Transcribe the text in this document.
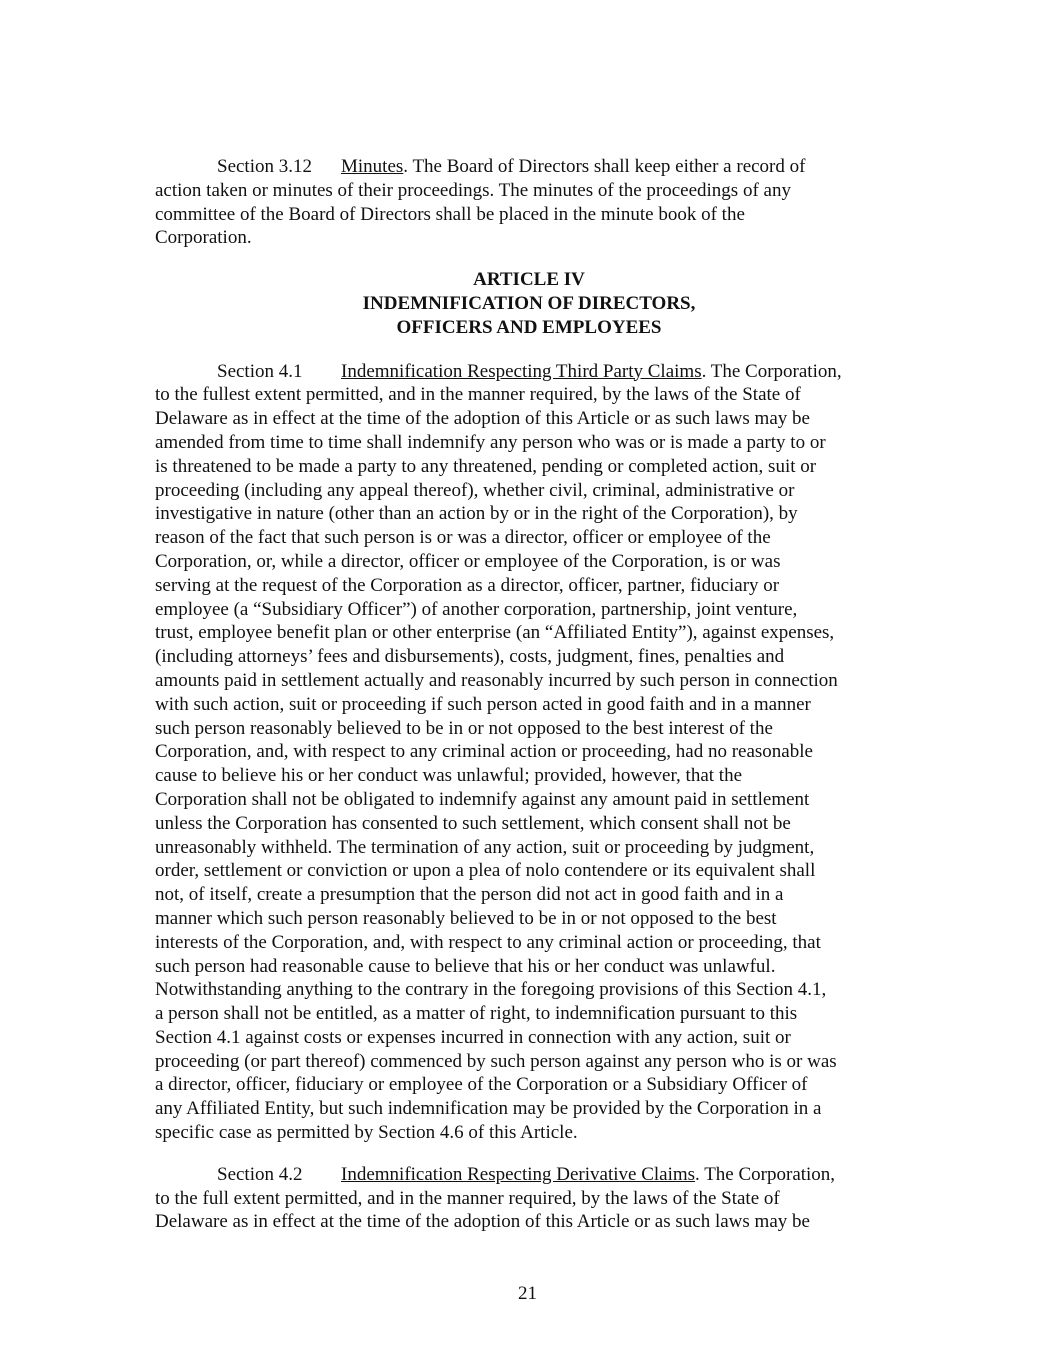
Section 3.12 Minutes. The Board of Directors shall keep either a record of
action taken or minutes of their proceedings. The minutes of the proceedings of any
committee of the Board of Directors shall be placed in the minute book of the
Corporation.
ARTICLE IV
INDEMNIFICATION OF DIRECTORS,
OFFICERS AND EMPLOYEES
Section 4.1 Indemnification Respecting Third Party Claims. The Corporation,
to the fullest extent permitted, and in the manner required, by the laws of the State of
Delaware as in effect at the time of the adoption of this Article or as such laws may be
amended from time to time shall indemnify any person who was or is made a party to or
is threatened to be made a party to any threatened, pending or completed action, suit or
proceeding (including any appeal thereof), whether civil, criminal, administrative or
investigative in nature (other than an action by or in the right of the Corporation), by
reason of the fact that such person is or was a director, officer or employee of the
Corporation, or, while a director, officer or employee of the Corporation, is or was
serving at the request of the Corporation as a director, officer, partner, fiduciary or
employee (a “Subsidiary Officer”) of another corporation, partnership, joint venture,
trust, employee benefit plan or other enterprise (an “Affiliated Entity”), against expenses,
(including attorneys’ fees and disbursements), costs, judgment, fines, penalties and
amounts paid in settlement actually and reasonably incurred by such person in connection
with such action, suit or proceeding if such person acted in good faith and in a manner
such person reasonably believed to be in or not opposed to the best interest of the
Corporation, and, with respect to any criminal action or proceeding, had no reasonable
cause to believe his or her conduct was unlawful; provided, however, that the
Corporation shall not be obligated to indemnify against any amount paid in settlement
unless the Corporation has consented to such settlement, which consent shall not be
unreasonably withheld. The termination of any action, suit or proceeding by judgment,
order, settlement or conviction or upon a plea of nolo contendere or its equivalent shall
not, of itself, create a presumption that the person did not act in good faith and in a
manner which such person reasonably believed to be in or not opposed to the best
interests of the Corporation, and, with respect to any criminal action or proceeding, that
such person had reasonable cause to believe that his or her conduct was unlawful.
Notwithstanding anything to the contrary in the foregoing provisions of this Section 4.1,
a person shall not be entitled, as a matter of right, to indemnification pursuant to this
Section 4.1 against costs or expenses incurred in connection with any action, suit or
proceeding (or part thereof) commenced by such person against any person who is or was
a director, officer, fiduciary or employee of the Corporation or a Subsidiary Officer of
any Affiliated Entity, but such indemnification may be provided by the Corporation in a
specific case as permitted by Section 4.6 of this Article.
Section 4.2 Indemnification Respecting Derivative Claims. The Corporation,
to the full extent permitted, and in the manner required, by the laws of the State of
Delaware as in effect at the time of the adoption of this Article or as such laws may be
21
